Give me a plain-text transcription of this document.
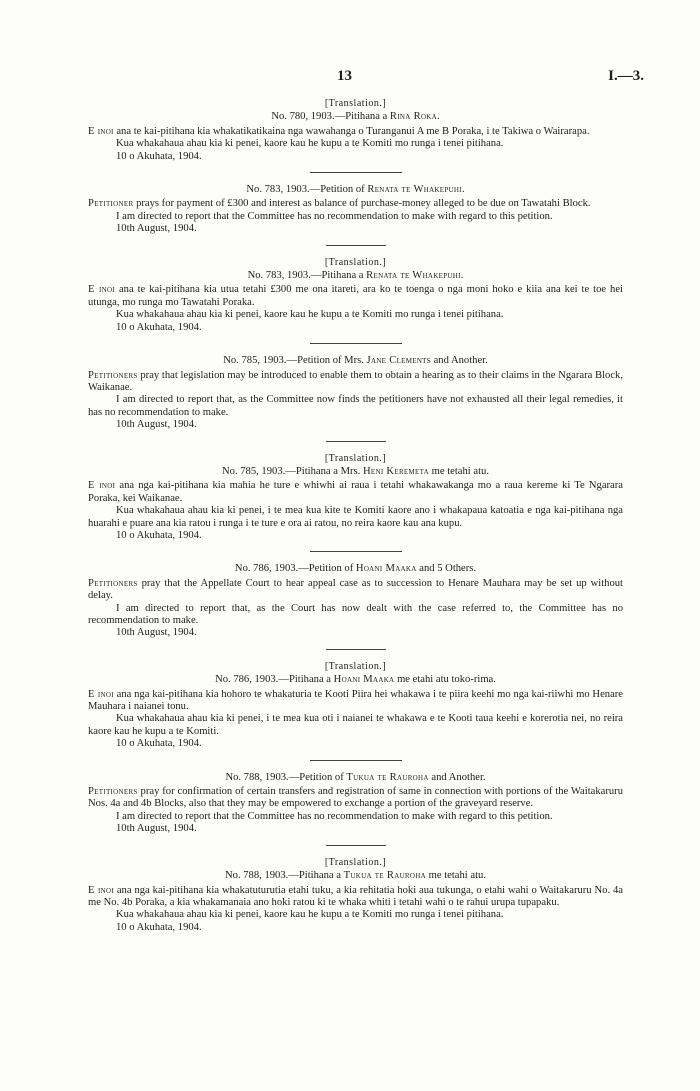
13	I.—3.
[Translation.]
No. 780, 1903.—Pitihana a Rina Roka.

E inoi ana te kai-pitihana kia whakatikatikaina nga wawahanga o Turanganui A me B Poraka, i te Takiwa o Wairarapa.

Kua whakahaua ahau kia ki penei, kaore kau he kupu a te Komiti mo runga i tenei pitihana.

10 o Akuhata, 1904.

No. 783, 1903.—Petition of Renata te Whakepuhi.

Petitioner prays for payment of £300 and interest as balance of purchase-money alleged to be due on Tawatahi Block.

I am directed to report that the Committee has no recommendation to make with regard to this petition.

10th August, 1904.

[Translation.]
No. 783, 1903.—Pitihana a Renata te Whakepuhi.

E inoi ana te kai-pitihana kia utua tetahi £300 me ona itareti, ara ko te toenga o nga moni hoko e kiia ana kei te toe hei utunga, mo runga mo Tawatahi Poraka.

Kua whakahaua ahau kia ki penei, kaore kau he kupu a te Komiti mo runga i tenei pitihana.

10 o Akuhata, 1904.

No. 785, 1903.—Petition of Mrs. Jane Clements and Another.

Petitioners pray that legislation may be introduced to enable them to obtain a hearing as to their claims in the Ngarara Block, Waikanae.

I am directed to report that, as the Committee now finds the petitioners have not exhausted all their legal remedies, it has no recommendation to make.

10th August, 1904.

[Translation.]
No. 785, 1903.—Pitihana a Mrs. Heni Keremeta me tetahi atu.

E inoi ana nga kai-pitihana kia mahia he ture e whiwhi ai raua i tetahi whakawakanga mo a raua kereme ki Te Ngarara Poraka, kei Waikanae.

Kua whakahaua ahau kia ki penei, i te mea kua kite te Komiti kaore ano i whakapaua katoatia e nga kai-pitihana nga huarahi e puare ana kia ratou i runga i te ture e ora ai ratou, no reira kaore kau ana kupu.

10 o Akuhata, 1904.

No. 786, 1903.—Petition of Hoani Maaka and 5 Others.

Petitioners pray that the Appellate Court to hear appeal case as to succession to Henare Mauhara may be set up without delay.

I am directed to report that, as the Court has now dealt with the case referred to, the Committee has no recommendation to make.

10th August, 1904.

[Translation.]
No. 786, 1903.—Pitihana a Hoani Maaka me etahi atu toko-rima.

E inoi ana nga kai-pitihana kia hohoro te whakaturia te Kooti Piira hei whakawa i te piira keehi mo nga kai-riiwhi mo Henare Mauhara i naianei tonu.

Kua whakahaua ahau kia ki penei, i te mea kua oti i naianei te whakawa e te Kooti taua keehi e korerotia nei, no reira kaore kau he kupu a te Komiti.

10 o Akuhata, 1904.

No. 788, 1903.—Petition of Tukua te Rauroha and Another.

Petitioners pray for confirmation of certain transfers and registration of same in connection with portions of the Waitakaruru Nos. 4a and 4b Blocks, also that they may be empowered to exchange a portion of the graveyard reserve.

I am directed to report that the Committee has no recommendation to make with regard to this petition.

10th August, 1904.

[Translation.]
No. 788, 1903.—Pitihana a Tukua te Rauroha me tetahi atu.

E inoi ana nga kai-pitihana kia whakatuturutia etahi tuku, a kia rehitatia hoki aua tukunga, o etahi wahi o Waitakaruru No. 4a me No. 4b Poraka, a kia whakamanaia ano hoki ratou ki te whaka whiti i tetahi wahi o te rahui urupa tupapaku.

Kua whakahaua ahau kia ki penei, kaore kau he kupu a te Komiti mo runga i tenei pitihana.

10 o Akuhata, 1904.
